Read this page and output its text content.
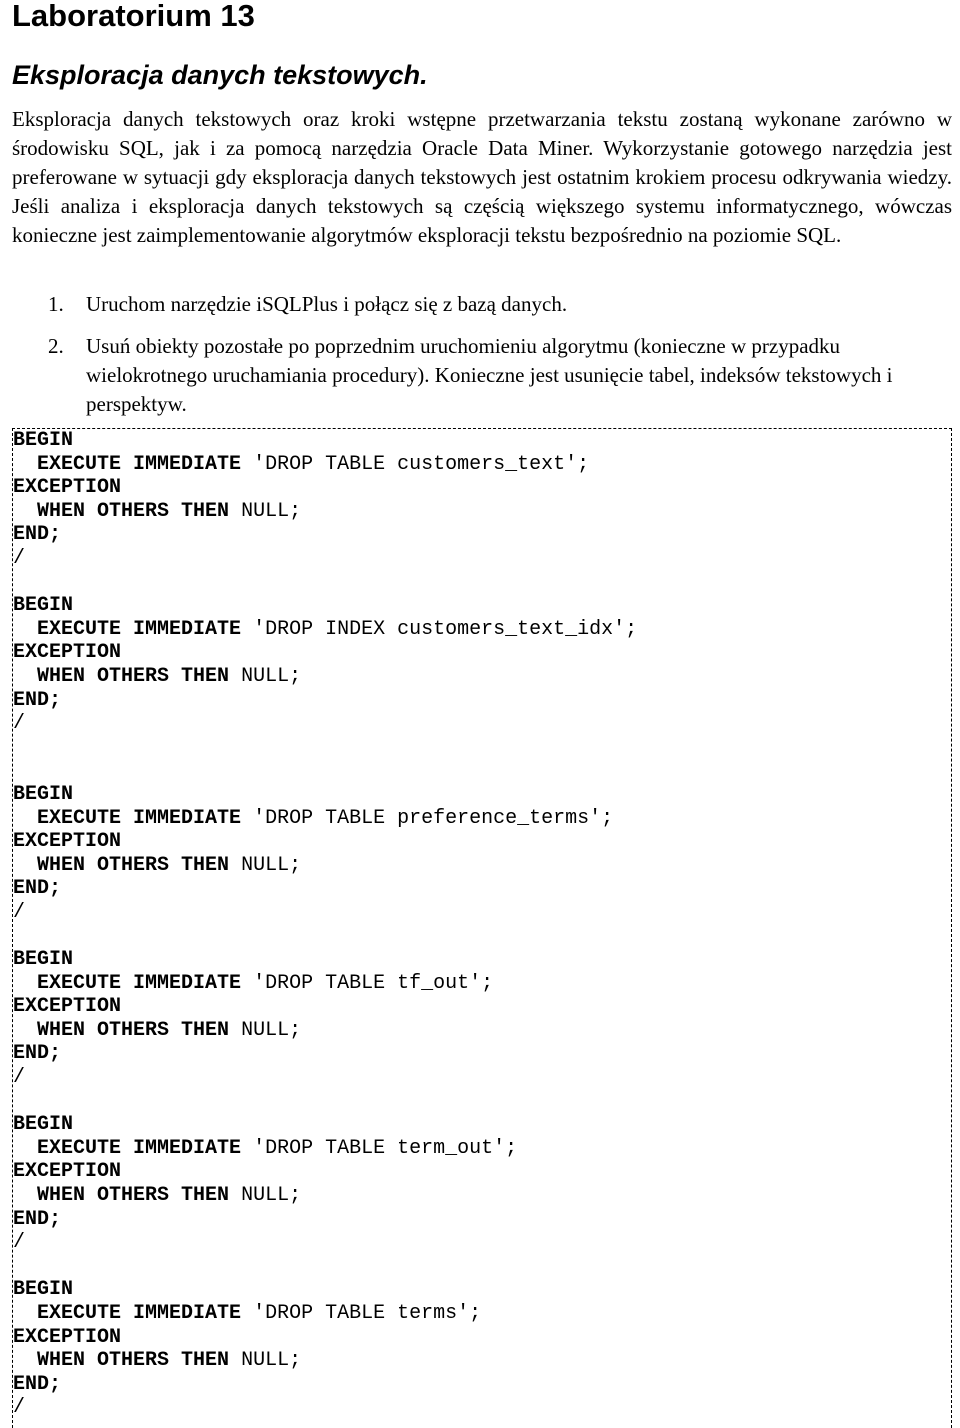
Laboratorium 13
Eksploracja danych tekstowych.

Eksploracja danych tekstowych oraz kroki wstępne przetwarzania tekstu zostaną wykonane zarówno w środowisku SQL, jak i za pomocą narzędzia Oracle Data Miner. Wykorzystanie gotowego narzędzia jest preferowane w sytuacji gdy eksploracja danych tekstowych jest ostatnim krokiem procesu odkrywania wiedzy. Jeśli analiza i eksploracja danych tekstowych są częścią większego systemu informatycznego, wówczas konieczne jest zaimplementowanie algorytmów eksploracji tekstu bezpośrednio na poziomie SQL.

1. Uruchom narzędzie iSQLPlus i połącz się z bazą danych.
2. Usuń obiekty pozostałe po poprzednim uruchomieniu algorytmu (konieczne w przypadku wielokrotnego uruchamiania procedury). Konieczne jest usunięcie tabel, indeksów tekstowych i perspektyw.
BEGIN
EXECUTE IMMEDIATE 'DROP TABLE customers_text';
EXCEPTION
WHEN OTHERS THEN NULL;
END;
/
BEGIN
EXECUTE IMMEDIATE 'DROP INDEX customers_text_idx';
EXCEPTION
WHEN OTHERS THEN NULL;
END;
/
BEGIN
EXECUTE IMMEDIATE 'DROP TABLE preference_terms';
EXCEPTION
WHEN OTHERS THEN NULL;
END;
/
BEGIN
EXECUTE IMMEDIATE 'DROP TABLE tf_out';
EXCEPTION
WHEN OTHERS THEN NULL;
END;
/
BEGIN
EXECUTE IMMEDIATE 'DROP TABLE term_out';
EXCEPTION
WHEN OTHERS THEN NULL;
END;
/
BEGIN
EXECUTE IMMEDIATE 'DROP TABLE terms';
EXCEPTION
WHEN OTHERS THEN NULL;
END;
/
